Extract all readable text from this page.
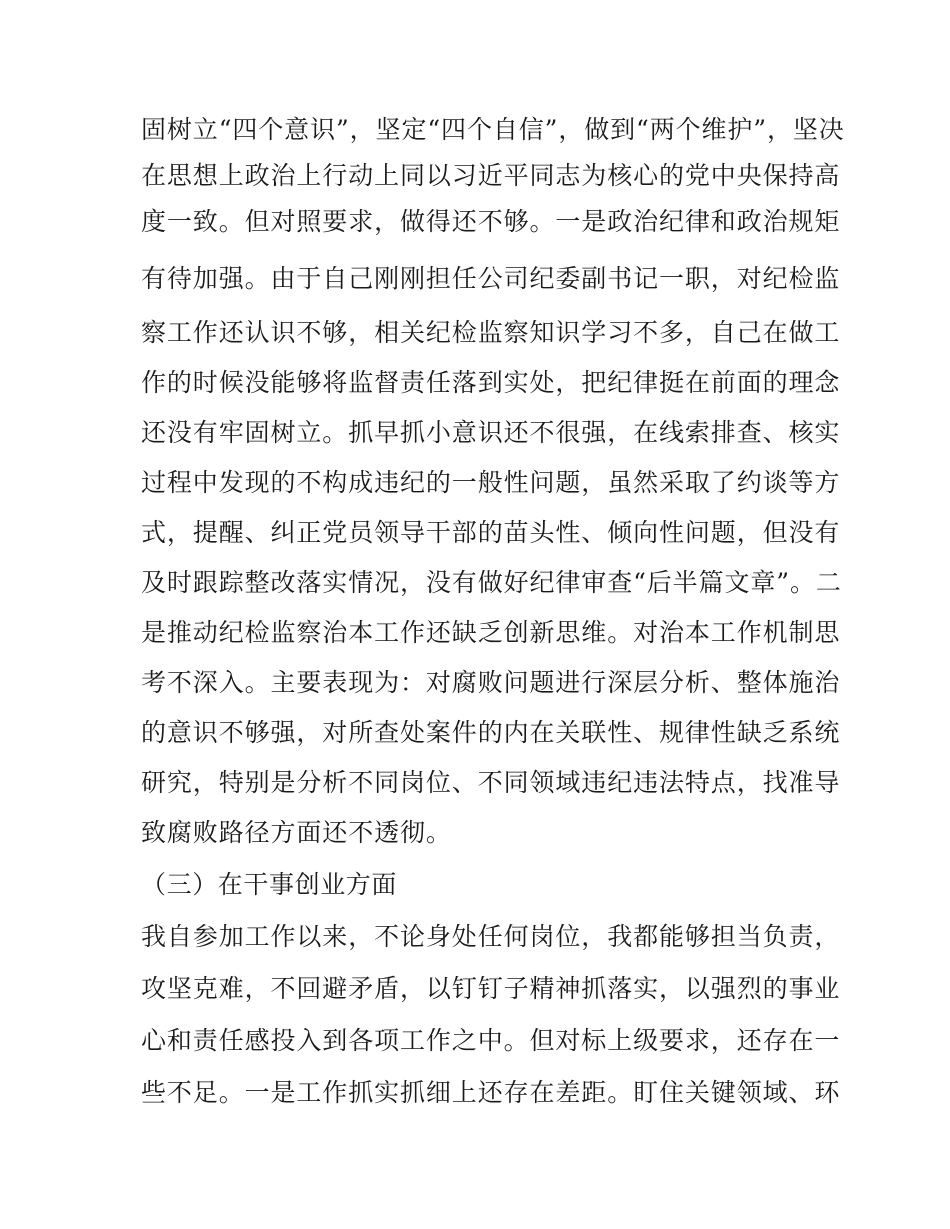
固树立“四个意识”，坚定“四个自信”，做到“两个维护”，坚决
在思想上政治上行动上同以习近平同志为核心的党中央保持高
度一致。但对照要求，做得还不够。一是政治纪律和政治规矩
有待加强。由于自己刚刚担任公司纪委副书记一职，对纪检监
察工作还认识不够，相关纪检监察知识学习不多，自己在做工
作的时候没能够将监督责任落到实处，把纪律挺在前面的理念
还没有牢固树立。抓早抓小意识还不很强，在线索排查、核实
过程中发现的不构成违纪的一般性问题，虽然采取了约谈等方
式，提醒、纠正党员领导干部的苗头性、倾向性问题，但没有
及时跟踪整改落实情况，没有做好纪律审查“后半篇文章”。二
是推动纪检监察治本工作还缺乏创新思维。对治本工作机制思
考不深入。主要表现为：对腐败问题进行深层分析、整体施治
的意识不够强，对所查处案件的内在关联性、规律性缺乏系统
研究，特别是分析不同岗位、不同领域违纪违法特点，找准导
致腐败路径方面还不透彻。
（三）在干事创业方面
我自参加工作以来，不论身处任何岗位，我都能够担当负责，
攻坚克难，不回避矛盾，以钉钉子精神抓落实，以强烈的事业
心和责任感投入到各项工作之中。但对标上级要求，还存在一
些不足。一是工作抓实抓细上还存在差距。盯住关键领域、环
